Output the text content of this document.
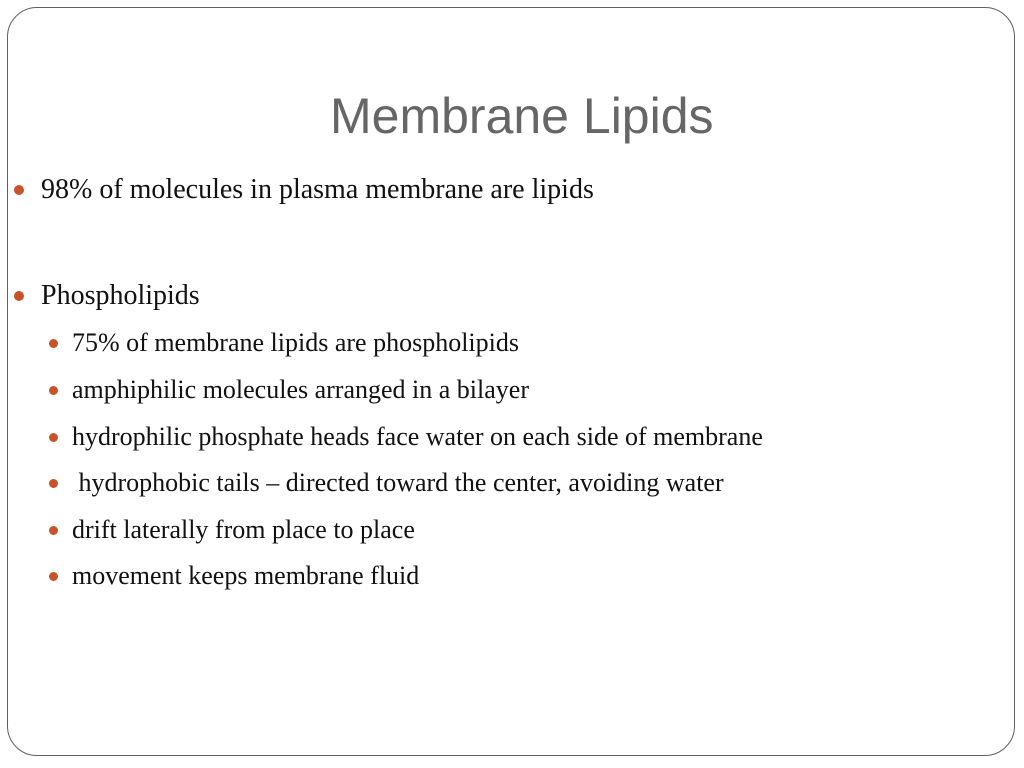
Membrane Lipids
98% of molecules in plasma membrane are lipids
Phospholipids
75% of membrane lipids are phospholipids
amphiphilic molecules arranged in a bilayer
hydrophilic phosphate heads face water on each side of membrane
hydrophobic tails – directed toward the center, avoiding water
drift laterally from place to place
movement keeps membrane fluid
